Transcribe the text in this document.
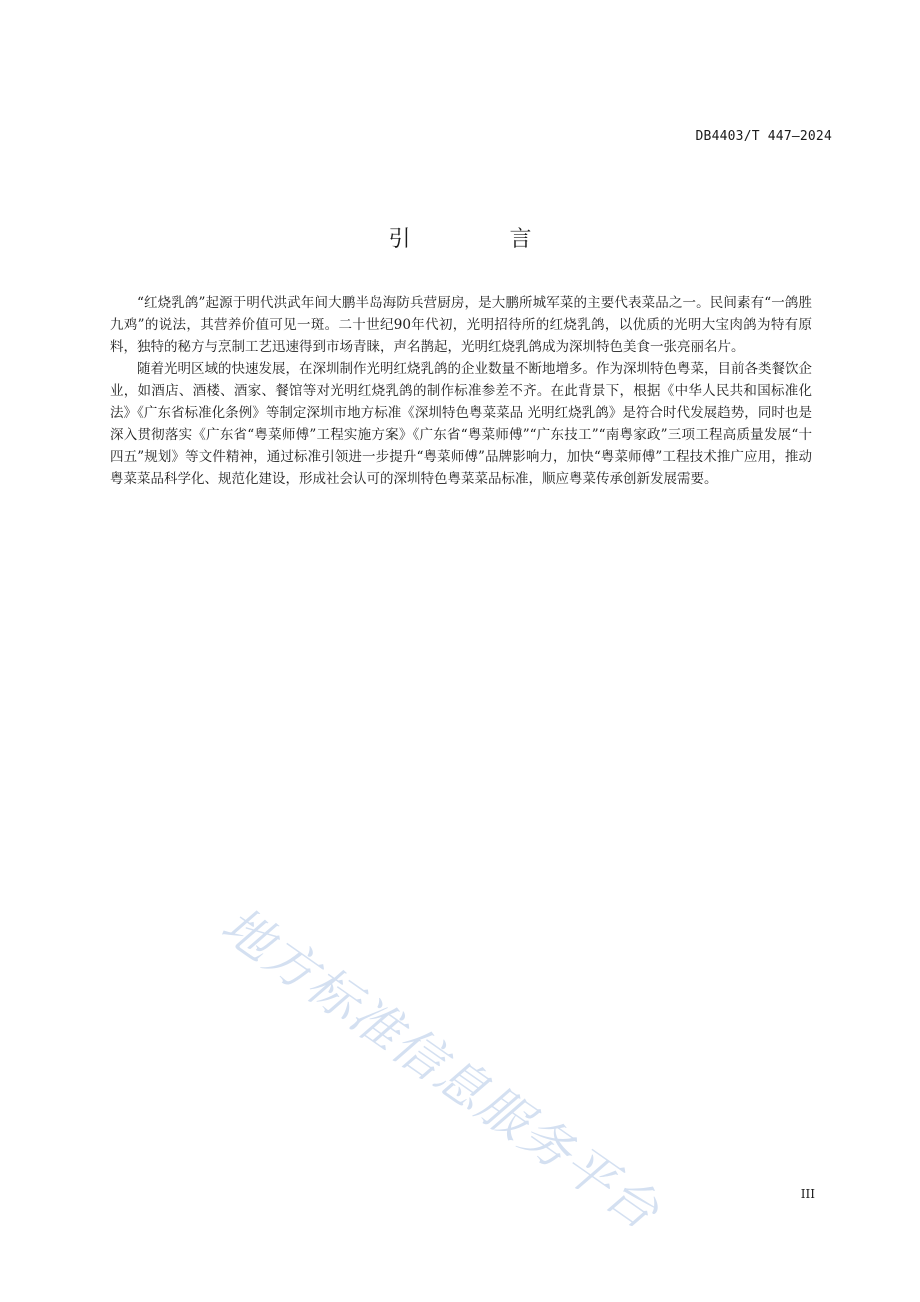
DB4403/T 447—2024
引 言

“红烧乳鸽”起源于明代洪武年间大鹏半岛海防兵营厨房，是大鹏所城军菜的主要代表菜品之一。民间素有“一鸽胜九鸡”的说法，其营养价值可见一斑。二十世纪90年代初，光明招待所的红烧乳鸽，以优质的光明大宝肉鸽为特有原料，独特的秘方与烹制工艺迅速得到市场青睐，声名鹊起，光明红烧乳鸽成为深圳特色美食一张亮丽名片。

随着光明区域的快速发展，在深圳制作光明红烧乳鸽的企业数量不断地增多。作为深圳特色粤菜，目前各类餐饮企业，如酒店、酒楼、酒家、餐馆等对光明红烧乳鸽的制作标准参差不齐。在此背景下，根据《中华人民共和国标准化法》《广东省标准化条例》等制定深圳市地方标准《深圳特色粤菜菜品 光明红烧乳鸽》是符合时代发展趋势，同时也是深入贯彻落实《广东省“粤菜师傅”工程实施方案》《广东省“粤菜师傅”“广东技工”“南粤家政”三项工程高质量发展“十四五”规划》等文件精神，通过标准引领进一步提升“粤菜师傅”品牌影响力，加快“粤菜师傅”工程技术推广应用，推动粤菜菜品科学化、规范化建设，形成社会认可的深圳特色粤菜菜品标准，顺应粤菜传承创新发展需要。

地方标准信息服务平台	III
